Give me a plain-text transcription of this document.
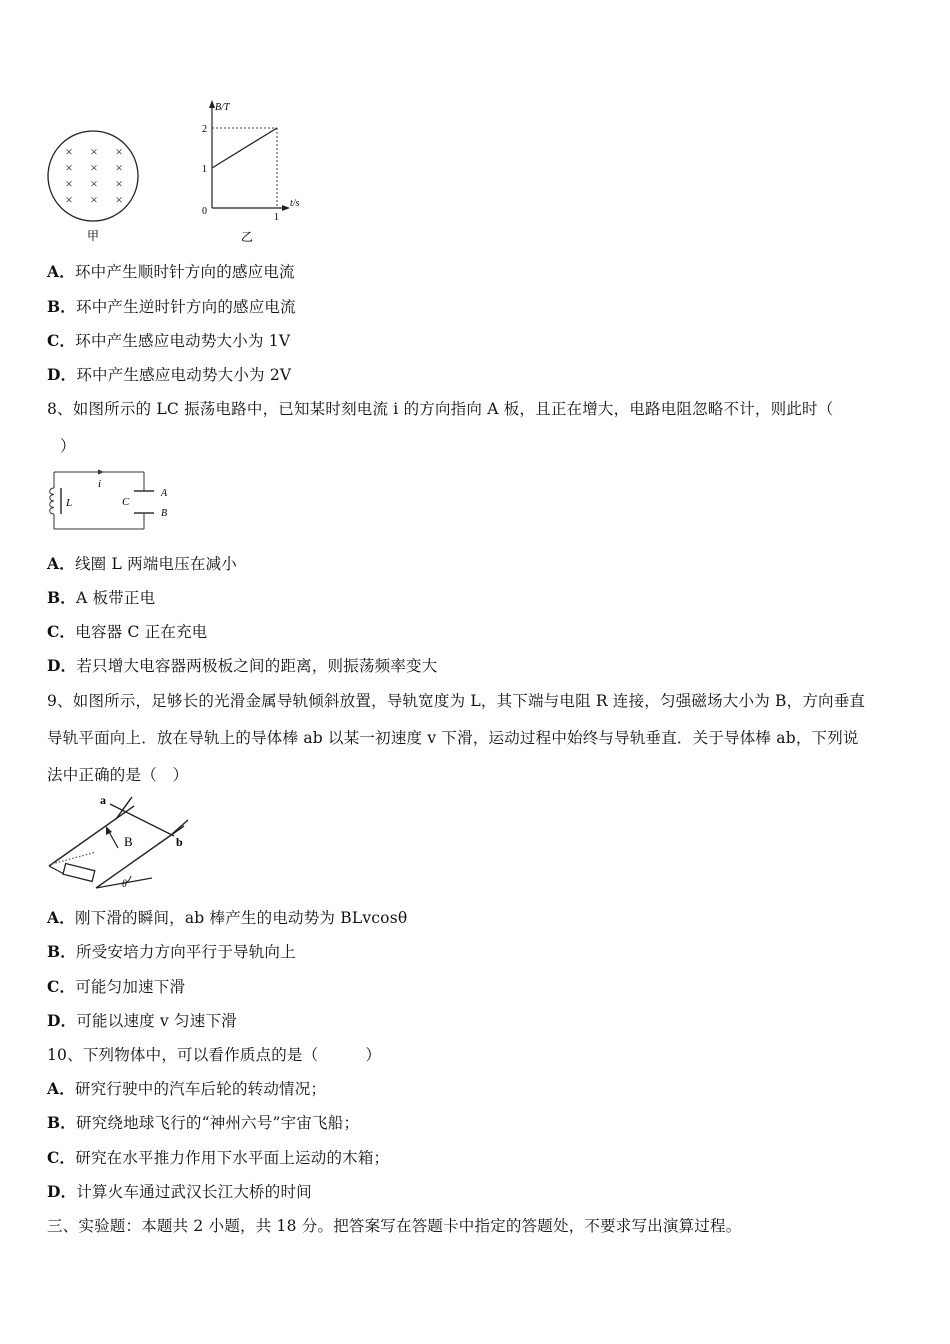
× × ×
× × ×
× × ×
× × ×
甲
B/T
t/s
2
1
0
1
乙
A．环中产生顺时针方向的感应电流
B．环中产生逆时针方向的感应电流
C．环中产生感应电动势大小为 1V
D．环中产生感应电动势大小为 2V
8、如图所示的 LC 振荡电路中，已知某时刻电流 i 的方向指向 A 板，且正在增大，电路电阻忽略不计，则此时（
）
i
L	C
A
B
A．线圈 L 两端电压在减小
B．A 板带正电
C．电容器 C 正在充电
D．若只增大电容器两极板之间的距离，则振荡频率变大
9、如图所示，足够长的光滑金属导轨倾斜放置，导轨宽度为 L，其下端与电阻 R 连接，匀强磁场大小为 B，方向垂直
导轨平面向上．放在导轨上的导体棒 ab 以某一初速度 v 下滑，运动过程中始终与导轨垂直．关于导体棒 ab，下列说
法中正确的是（　）
a
b
B
θ
A．刚下滑的瞬间，ab 棒产生的电动势为 BLvcosθ
B．所受安培力方向平行于导轨向上
C．可能匀加速下滑
D．可能以速度 v 匀速下滑
10、下列物体中，可以看作质点的是（　　　）
A．研究行驶中的汽车后轮的转动情况；
B．研究绕地球飞行的“神州六号”宇宙飞船；
C．研究在水平推力作用下水平面上运动的木箱；
D．计算火车通过武汉长江大桥的时间
三、实验题：本题共 2 小题，共 18 分。把答案写在答题卡中指定的答题处，不要求写出演算过程。
